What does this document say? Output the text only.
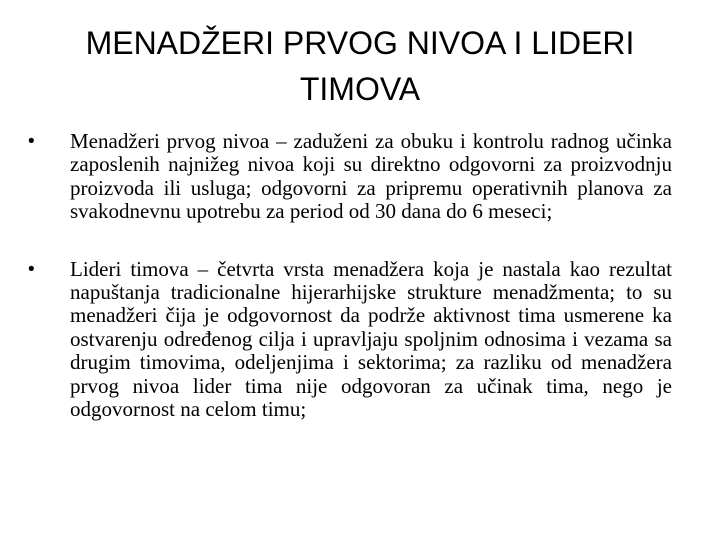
MENADŽERI PRVOG NIVOA I LIDERI TIMOVA
•	Menadžeri prvog nivoa – zaduženi za obuku i kontrolu radnog učinka zaposlenih najnižeg nivoa koji su direktno odgovorni za proizvodnju proizvoda ili usluga; odgovorni za pripremu operativnih planova za svakodnevnu upotrebu za period od 30 dana do 6 meseci;
•	Lideri timova – četvrta vrsta menadžera koja je nastala kao rezultat napuštanja tradicionalne hijerarhijske strukture menadžmenta; to su menadžeri čija je odgovornost da podrže aktivnost tima usmerene ka ostvarenju određenog cilja i upravljaju spoljnim odnosima i vezama sa drugim timovima, odeljenjima i sektorima; za razliku od menadžera prvog nivoa lider tima nije odgovoran za učinak tima, nego je odgovornost na celom timu;
